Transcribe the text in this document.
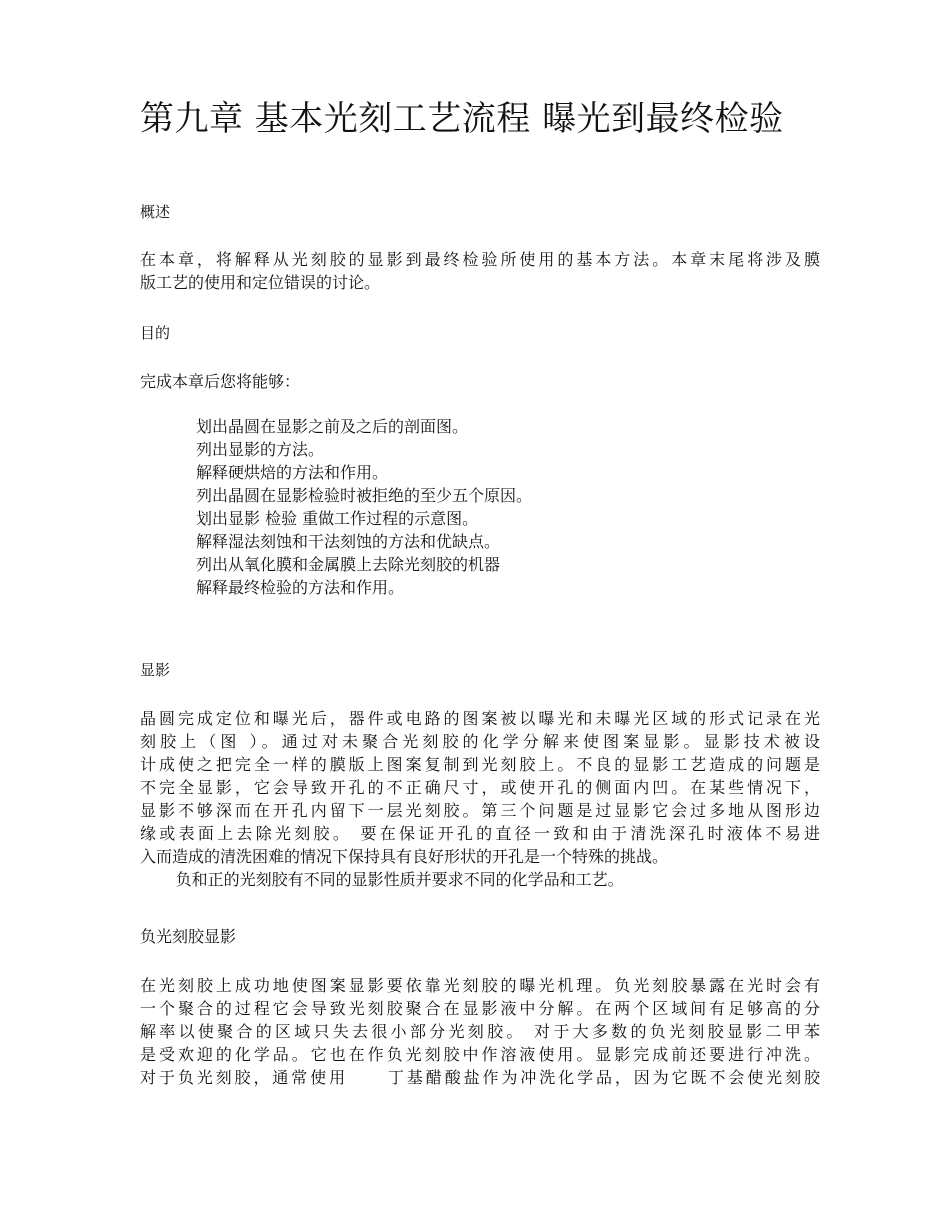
第九章 基本光刻工艺流程 曝光到最终检验
概述
在本章，将解释从光刻胶的显影到最终检验所使用的基本方法。本章末尾将涉及膜
版工艺的使用和定位错误的讨论。
目的
完成本章后您将能够：
划出晶圆在显影之前及之后的剖面图。
列出显影的方法。
解释硬烘焙的方法和作用。
列出晶圆在显影检验时被拒绝的至少五个原因。
划出显影 检验 重做工作过程的示意图。
解释湿法刻蚀和干法刻蚀的方法和优缺点。
列出从氧化膜和金属膜上去除光刻胶的机器
解释最终检验的方法和作用。
显影
晶圆完成定位和曝光后，器件或电路的图案被以曝光和未曝光区域的形式记录在光
刻胶上（图 ）。通过对未聚合光刻胶的化学分解来使图案显影。显影技术被设
计成使之把完全一样的膜版上图案复制到光刻胶上。不良的显影工艺造成的问题是
不完全显影，它会导致开孔的不正确尺寸，或使开孔的侧面内凹。在某些情况下，
显影不够深而在开孔内留下一层光刻胶。第三个问题是过显影它会过多地从图形边
缘或表面上去除光刻胶。 要在保证开孔的直径一致和由于清洗深孔时液体不易进
入而造成的清洗困难的情况下保持具有良好形状的开孔是一个特殊的挑战。
负和正的光刻胶有不同的显影性质并要求不同的化学品和工艺。
负光刻胶显影
在光刻胶上成功地使图案显影要依靠光刻胶的曝光机理。负光刻胶暴露在光时会有
一个聚合的过程它会导致光刻胶聚合在显影液中分解。在两个区域间有足够高的分
解率以使聚合的区域只失去很小部分光刻胶。 对于大多数的负光刻胶显影二甲苯
是受欢迎的化学品。它也在作负光刻胶中作溶液使用。显影完成前还要进行冲洗。
对于负光刻胶，通常使用     丁基醋酸盐作为冲洗化学品，因为它既不会使光刻胶
